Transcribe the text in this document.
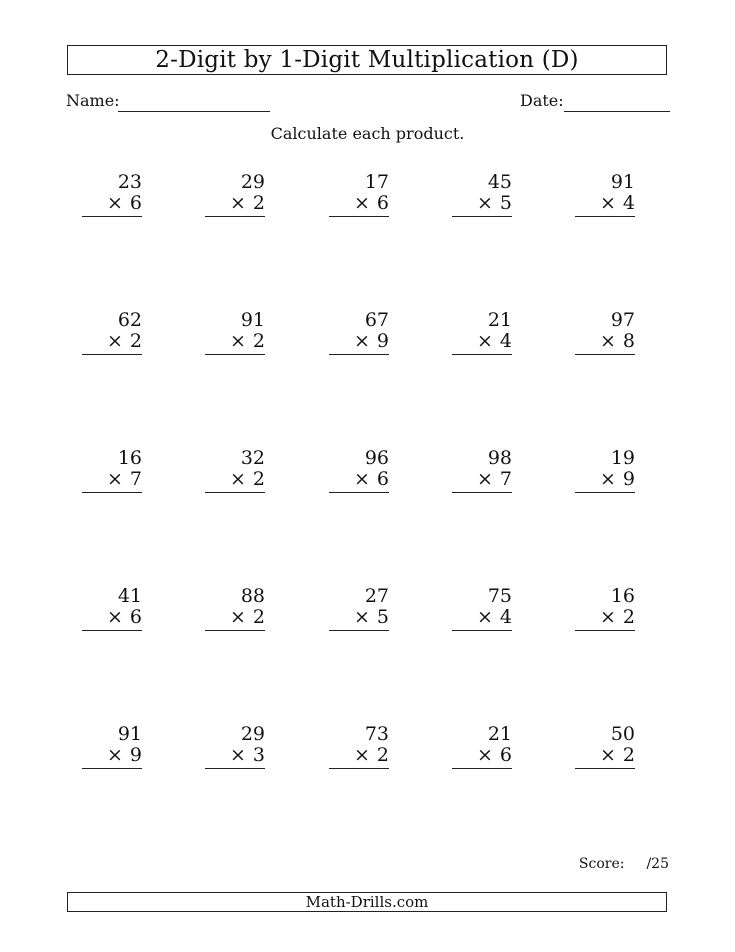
2-Digit by 1-Digit Multiplication (D)
Name:	Date:
Calculate each product.
23
× 6
29
× 2
17
× 6
45
× 5
91
× 4
62
× 2
91
× 2
67
× 9
21
× 4
97
× 8
16
× 7
32
× 2
96
× 6
98
× 7
19
× 9
41
× 6
88
× 2
27
× 5
75
× 4
16
× 2
91
× 9
29
× 3
73
× 2
21
× 6
50
× 2
Score: /25
Math-Drills.com
